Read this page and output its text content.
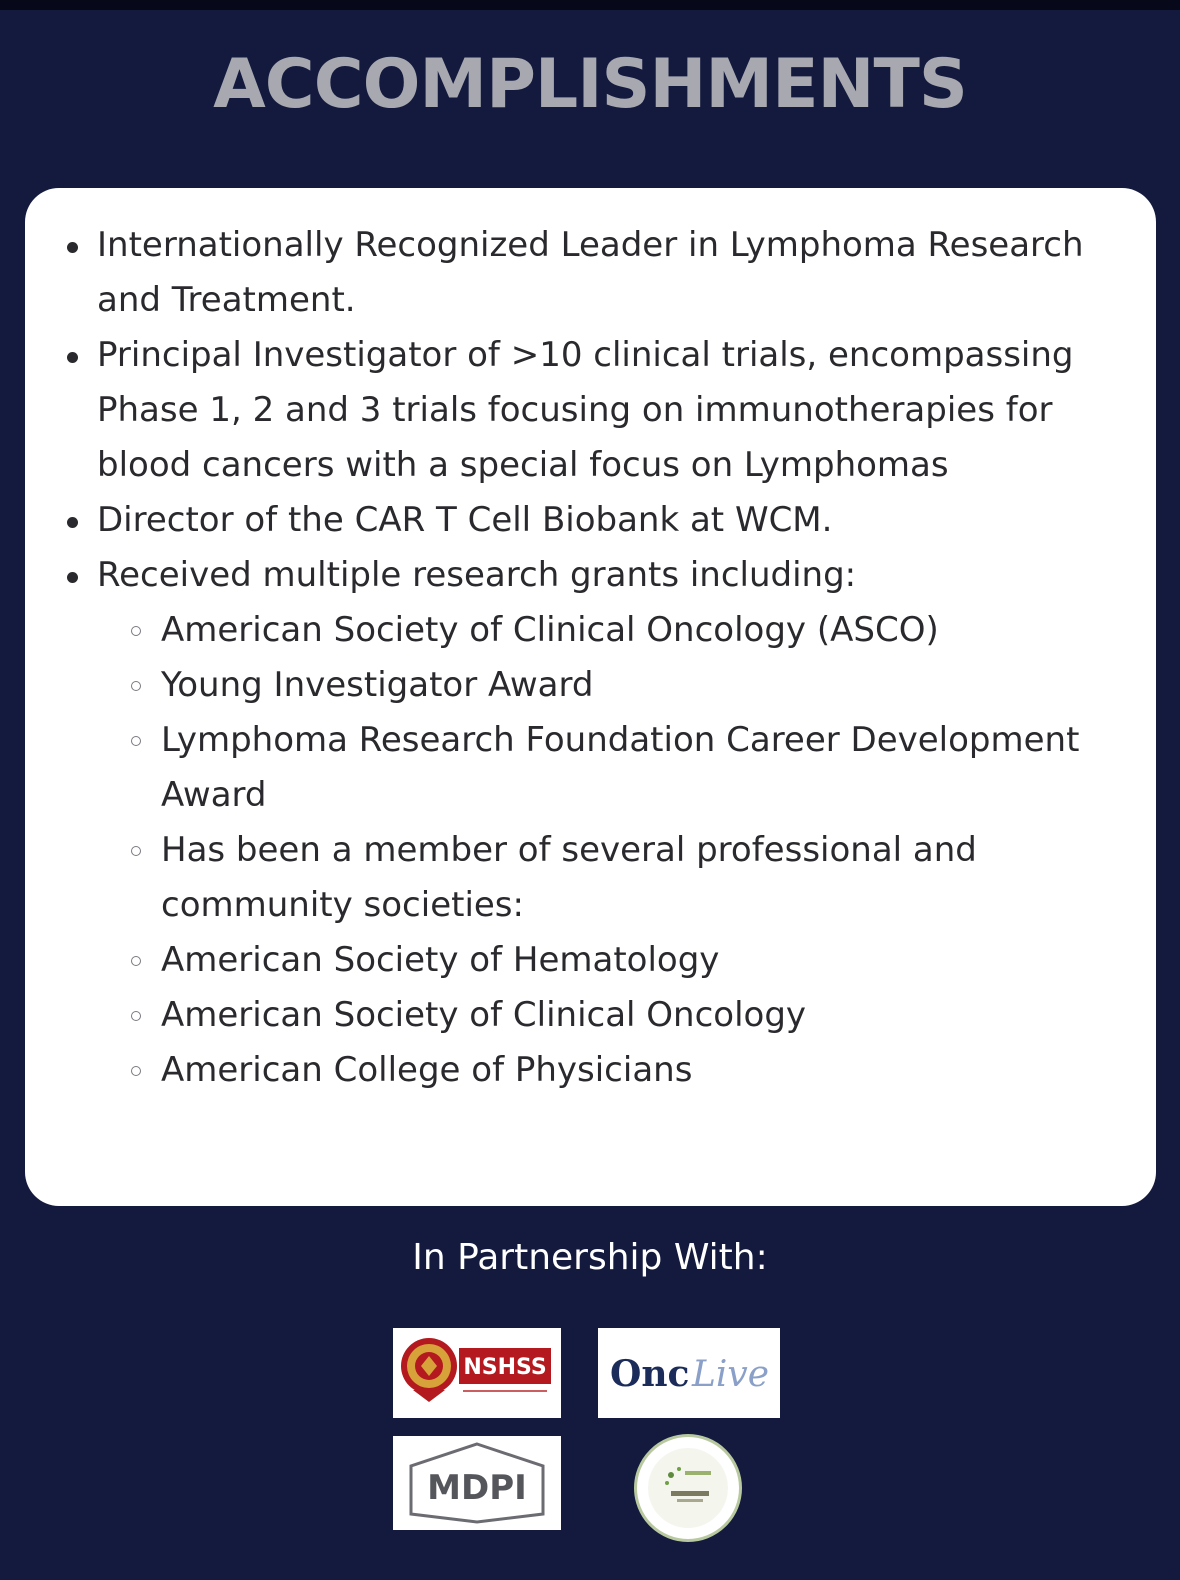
ACCOMPLISHMENTS
Internationally Recognized Leader in Lymphoma Research and Treatment.
Principal Investigator of >10 clinical trials, encompassing Phase 1, 2 and 3 trials focusing on immunotherapies for blood cancers with a special focus on Lymphomas
Director of the CAR T Cell Biobank at WCM.
Received multiple research grants including:
American Society of Clinical Oncology (ASCO)
Young Investigator Award
Lymphoma Research Foundation Career Development Award
Has been a member of several professional and community societies:
American Society of Hematology
American Society of Clinical Oncology
American College of Physicians
In Partnership With:
NSHSS Onc Live
MDPI
